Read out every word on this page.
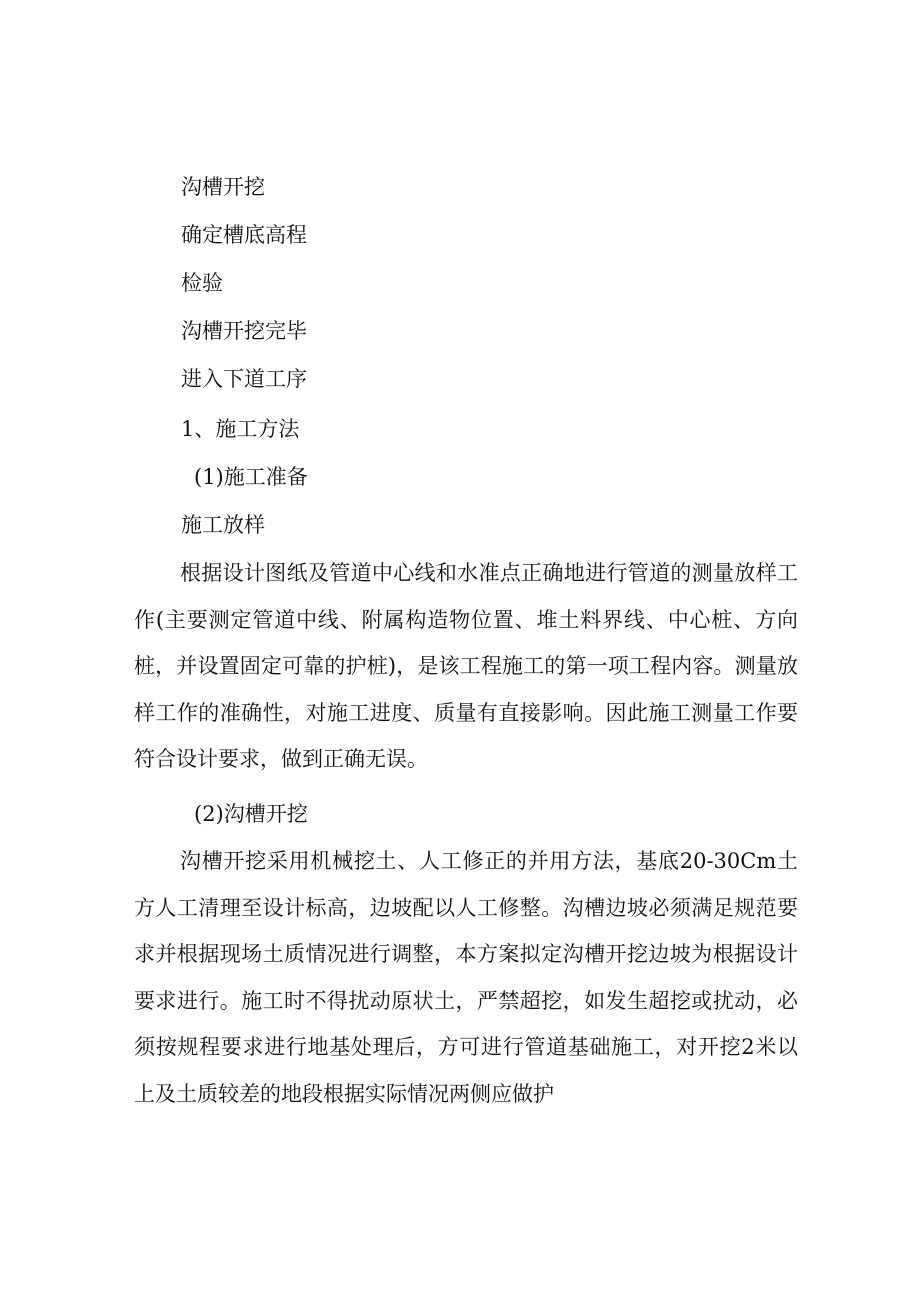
沟槽开挖
确定槽底高程
检验
沟槽开挖完毕
进入下道工序
1、施工方法
(1)施工准备
施工放样

根据设计图纸及管道中心线和水准点正确地进行管道的测量放样工作(主要测定管道中线、附属构造物位置、堆土料界线、中心桩、方向桩，并设置固定可靠的护桩)，是该工程施工的第一项工程内容。测量放样工作的准确性，对施工进度、质量有直接影响。因此施工测量工作要符合设计要求，做到正确无误。

(2)沟槽开挖

沟槽开挖采用机械挖土、人工修正的并用方法，基底20-30Cm土方人工清理至设计标高，边坡配以人工修整。沟槽边坡必须满足规范要求并根据现场土质情况进行调整，本方案拟定沟槽开挖边坡为根据设计要求进行。施工时不得扰动原状土，严禁超挖，如发生超挖或扰动，必须按规程要求进行地基处理后，方可进行管道基础施工，对开挖2米以上及土质较差的地段根据实际情况两侧应做护
